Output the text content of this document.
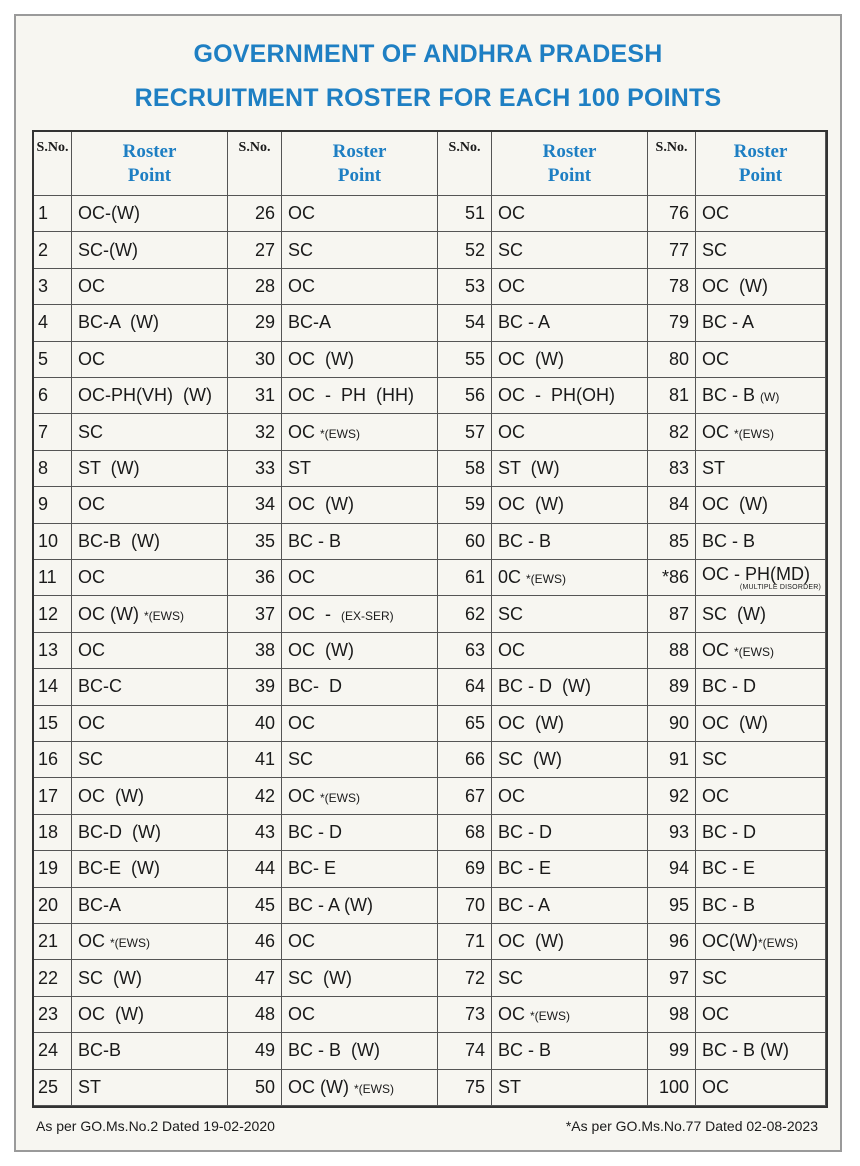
GOVERNMENT OF ANDHRA PRADESH
RECRUITMENT ROSTER FOR EACH 100 POINTS
S.No.	Roster
Point
S.No.	Roster
Point
S.No.	Roster
Point
S.No.	Roster
Point
1	OC-(W)	26 OC	51 OC	76 OC
2	SC-(W)	27 SC	52 SC	77 SC
3	OC	28 OC	53 OC	78 OC  (W)
4	BC-A  (W)	29 BC-A	54 BC - A	79 BC - A
5	OC	30 OC  (W)	55 OC  (W)	80 OC
6	OC-PH(VH)  (W)	31 OC  -  PH  (HH)	56 OC  -  PH(OH)	81 BC - B (W)
7	SC	32 OC *(EWS)	57 OC	82 OC *(EWS)
8	ST  (W)	33 ST	58 ST  (W)	83 ST
9	OC	34 OC  (W)	59 OC  (W)	84 OC  (W)
10	BC-B  (W)	35 BC - B	60 BC - B	85 BC - B
11	OC	36 OC	61 0C *(EWS)	*86 OC - PH(MD)
(MULTIPLE DISORDER)
12	OC (W) *(EWS)	37 OC  -  (EX-SER)	62 SC	87 SC  (W)
13	OC	38 OC  (W)	63 OC	88 OC *(EWS)
14	BC-C	39 BC-  D	64 BC - D  (W)	89 BC - D
15	OC	40 OC	65 OC  (W)	90 OC  (W)
16	SC	41 SC	66 SC  (W)	91 SC
17	OC  (W)	42 OC *(EWS)	67 OC	92 OC
18	BC-D  (W)	43 BC - D	68 BC - D	93 BC - D
19	BC-E  (W)	44 BC- E	69 BC - E	94 BC - E
20	BC-A	45 BC - A (W)	70 BC - A	95 BC - B
21	OC *(EWS)	46 OC	71 OC  (W)	96 OC(W)*(EWS)
22	SC  (W)	47 SC  (W)	72 SC	97 SC
23	OC  (W)	48 OC	73 OC *(EWS)	98 OC
24	BC-B	49 BC - B  (W)	74 BC - B	99 BC - B (W)
25	ST	50 OC (W) *(EWS)	75 ST	100 OC
As per GO.Ms.No.2 Dated 19-02-2020	*As per GO.Ms.No.77 Dated 02-08-2023
